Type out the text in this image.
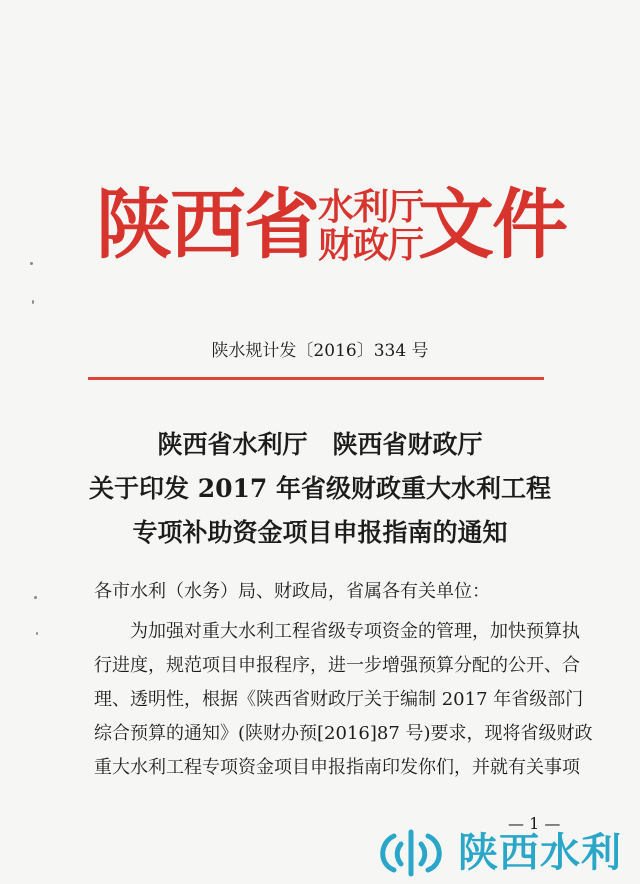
陕西省 水利厅
财政厅
文件
陕水规计发〔2016〕334 号
陕西省水利厅　陕西省财政厅
关于印发 2017 年省级财政重大水利工程
专项补助资金项目申报指南的通知
各市水利（水务）局、财政局，省属各有关单位：
为加强对重大水利工程省级专项资金的管理，加快预算执
行进度，规范项目申报程序，进一步增强预算分配的公开、合
理、透明性，根据《陕西省财政厅关于编制 2017 年省级部门
综合预算的通知》(陕财办预[2016]87 号)要求，现将省级财政
重大水利工程专项资金项目申报指南印发你们，并就有关事项
— 1 —
陕西水利
